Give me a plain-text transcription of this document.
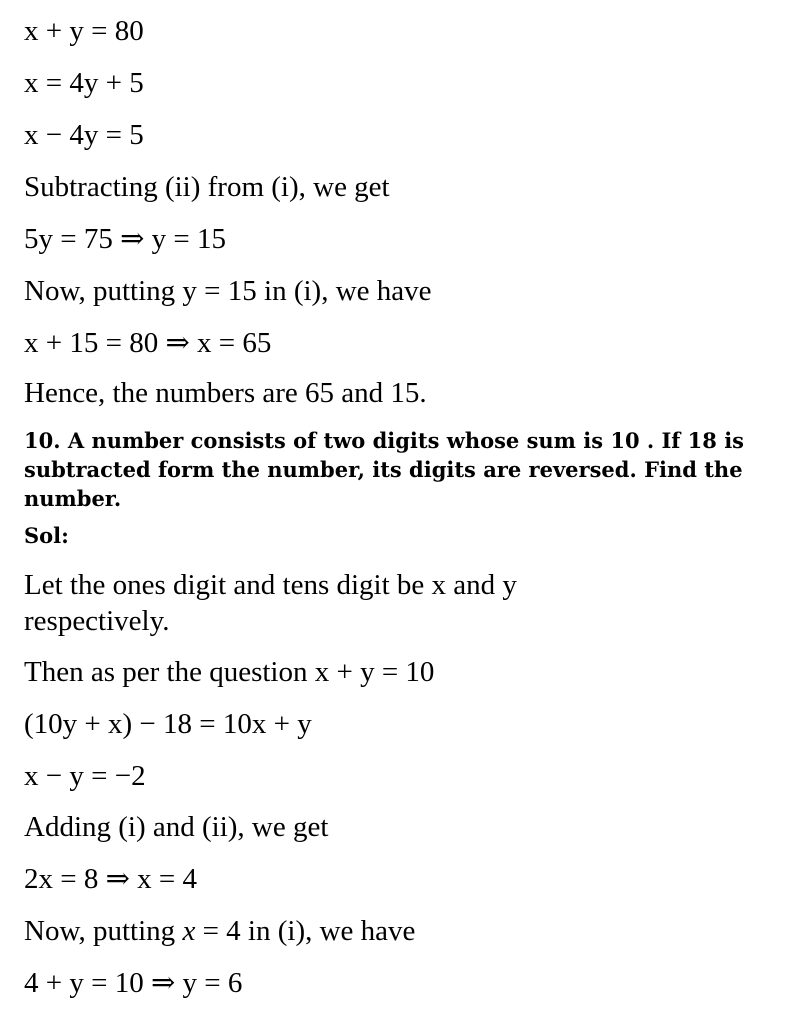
x + y = 80
x = 4y + 5
x − 4y = 5
Subtracting (ii) from (i), we get
5y = 75 ⇒ y = 15
Now, putting y = 15 in (i), we have
x + 15 = 80 ⇒ x = 65
Hence, the numbers are 65 and 15.
10. A number consists of two digits whose sum is 10 . If 18 is subtracted form the number, its digits are reversed. Find the number.
Sol:
Let the ones digit and tens digit be x and y respectively.
Then as per the question x + y = 10
(10y + x) − 18 = 10x + y
x − y = −2
Adding (i) and (ii), we get
2x = 8 ⇒ x = 4
Now, putting x = 4 in (i), we have
4 + y = 10 ⇒ y = 6
